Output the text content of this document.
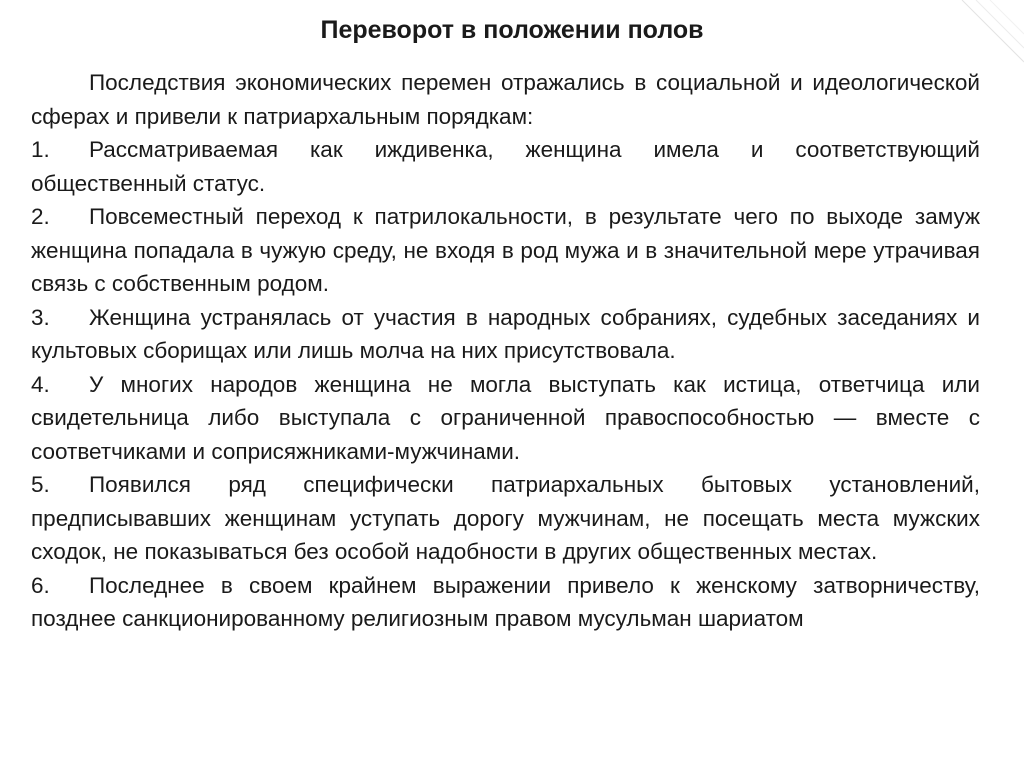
Переворот в положении полов

Последствия экономических перемен отражались в социальной и идеологической сферах и привели к патриархальным порядкам:

1. Рассматриваемая как иждивенка, женщина имела и соответствующий общественный статус.

2. Повсеместный переход к патрилокальности, в результате чего по выходе замуж женщина попадала в чужую среду, не входя в род мужа и в значительной мере утрачивая связь с собственным родом.

3. Женщина устранялась от участия в народных собраниях, судебных заседаниях и культовых сборищах или лишь молча на них присутствовала.

4. У многих народов женщина не могла выступать как истица, ответчица или свидетельница либо выступала с ограниченной правоспособностью — вместе с соответчиками и соприсяжниками-мужчинами.

5. Появился ряд специфически патриархальных бытовых установлений, предписывавших женщинам уступать дорогу мужчинам, не посещать места мужских сходок, не показываться без особой надобности в других общественных местах.

6. Последнее в своем крайнем выражении привело к женскому затворничеству, позднее санкционированному религиозным правом мусульман шариатом
